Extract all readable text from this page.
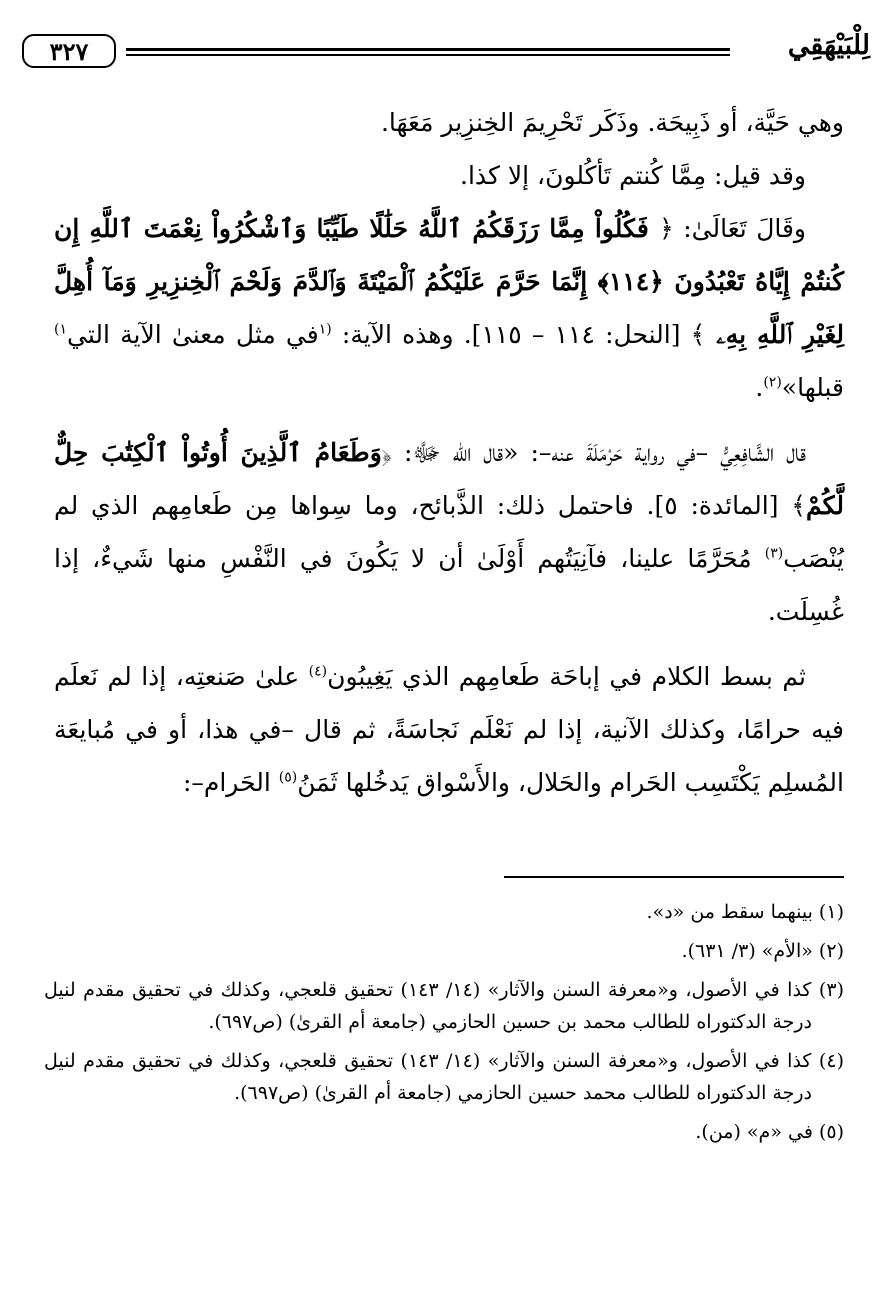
٣٢٧	لِلْبَيْهَقِي

وهي حَيَّة، أو ذَبِيحَة. وذَكَر تَحْرِيمَ الخِنزِير مَعَهَا.

وقد قيل: مِمَّا كُنتم تَأكُلونَ، إلا كذا.

وقَالَ تَعَالَىٰ: ﴿ فَكُلُواْ مِمَّا رَزَقَكُمُ ٱللَّهُ حَلَٰلًا طَيِّبًا وَٱشْكُرُواْ نِعْمَتَ ٱللَّهِ إِن كُنتُمْ إِيَّاهُ تَعْبُدُونَ ﴿١١٤﴾ إِنَّمَا حَرَّمَ عَلَيْكُمُ ٱلْمَيْتَةَ وَٱلدَّمَ وَلَحْمَ ٱلْخِنزِيرِ وَمَآ أُهِلَّ لِغَيْرِ ٱللَّهِ بِهِۦ ﴾ [النحل: ١١٤ – ١١٥]. وهذه الآية: $^{(١}$في مثل معنىٰ الآية التي$^{١)}$ قبلها»$^{(٢)}$.

قال الشَّافِعِيُّ –في رواية حَرْمَلَةَ عنه–: «قال الله ﷻ: ﴿وَطَعَامُ ٱلَّذِينَ أُوتُواْ ٱلْكِتَٰبَ حِلٌّ لَّكُمْ﴾ [المائدة: ٥]. فاحتمل ذلك: الذَّبائح، وما سِواها مِن طَعامِهم الذي لم يُنْصَب$^{(٣)}$ مُحَرَّمًا علينا، فآنِيَتُهم أَوْلَىٰ أن لا يَكُونَ في النَّفْسِ منها شَيءٌ، إذا غُسِلَت.

ثم بسط الكلام في إباحَة طَعامِهم الذي يَغِيبُون$^{(٤)}$ علىٰ صَنعتِه، إذا لم نَعلَم فيه حرامًا، وكذلك الآنية، إذا لم نَعْلَم نَجاسَةً، ثم قال –في هذا، أو في مُبايعَة المُسلِم يَكْتَسِب الحَرام والحَلال، والأَسْواق يَدخُلها ثَمَنُ$^{(٥)}$ الحَرام–:

(١) بينهما سقط من «د».

(٢) «الأم» (٣/ ٦٣١).

(٣) كذا في الأصول، و«معرفة السنن والآثار» (١٤/ ١٤٣) تحقيق قلعجي، وكذلك في تحقيق مقدم لنيل درجة الدكتوراه للطالب محمد بن حسين الحازمي (جامعة أم القرىٰ) (ص٦٩٧).

(٤) كذا في الأصول، و«معرفة السنن والآثار» (١٤/ ١٤٣) تحقيق قلعجي، وكذلك في تحقيق مقدم لنيل درجة الدكتوراه للطالب محمد حسين الحازمي (جامعة أم القرىٰ) (ص٦٩٧).

(٥) في «م» (من).
